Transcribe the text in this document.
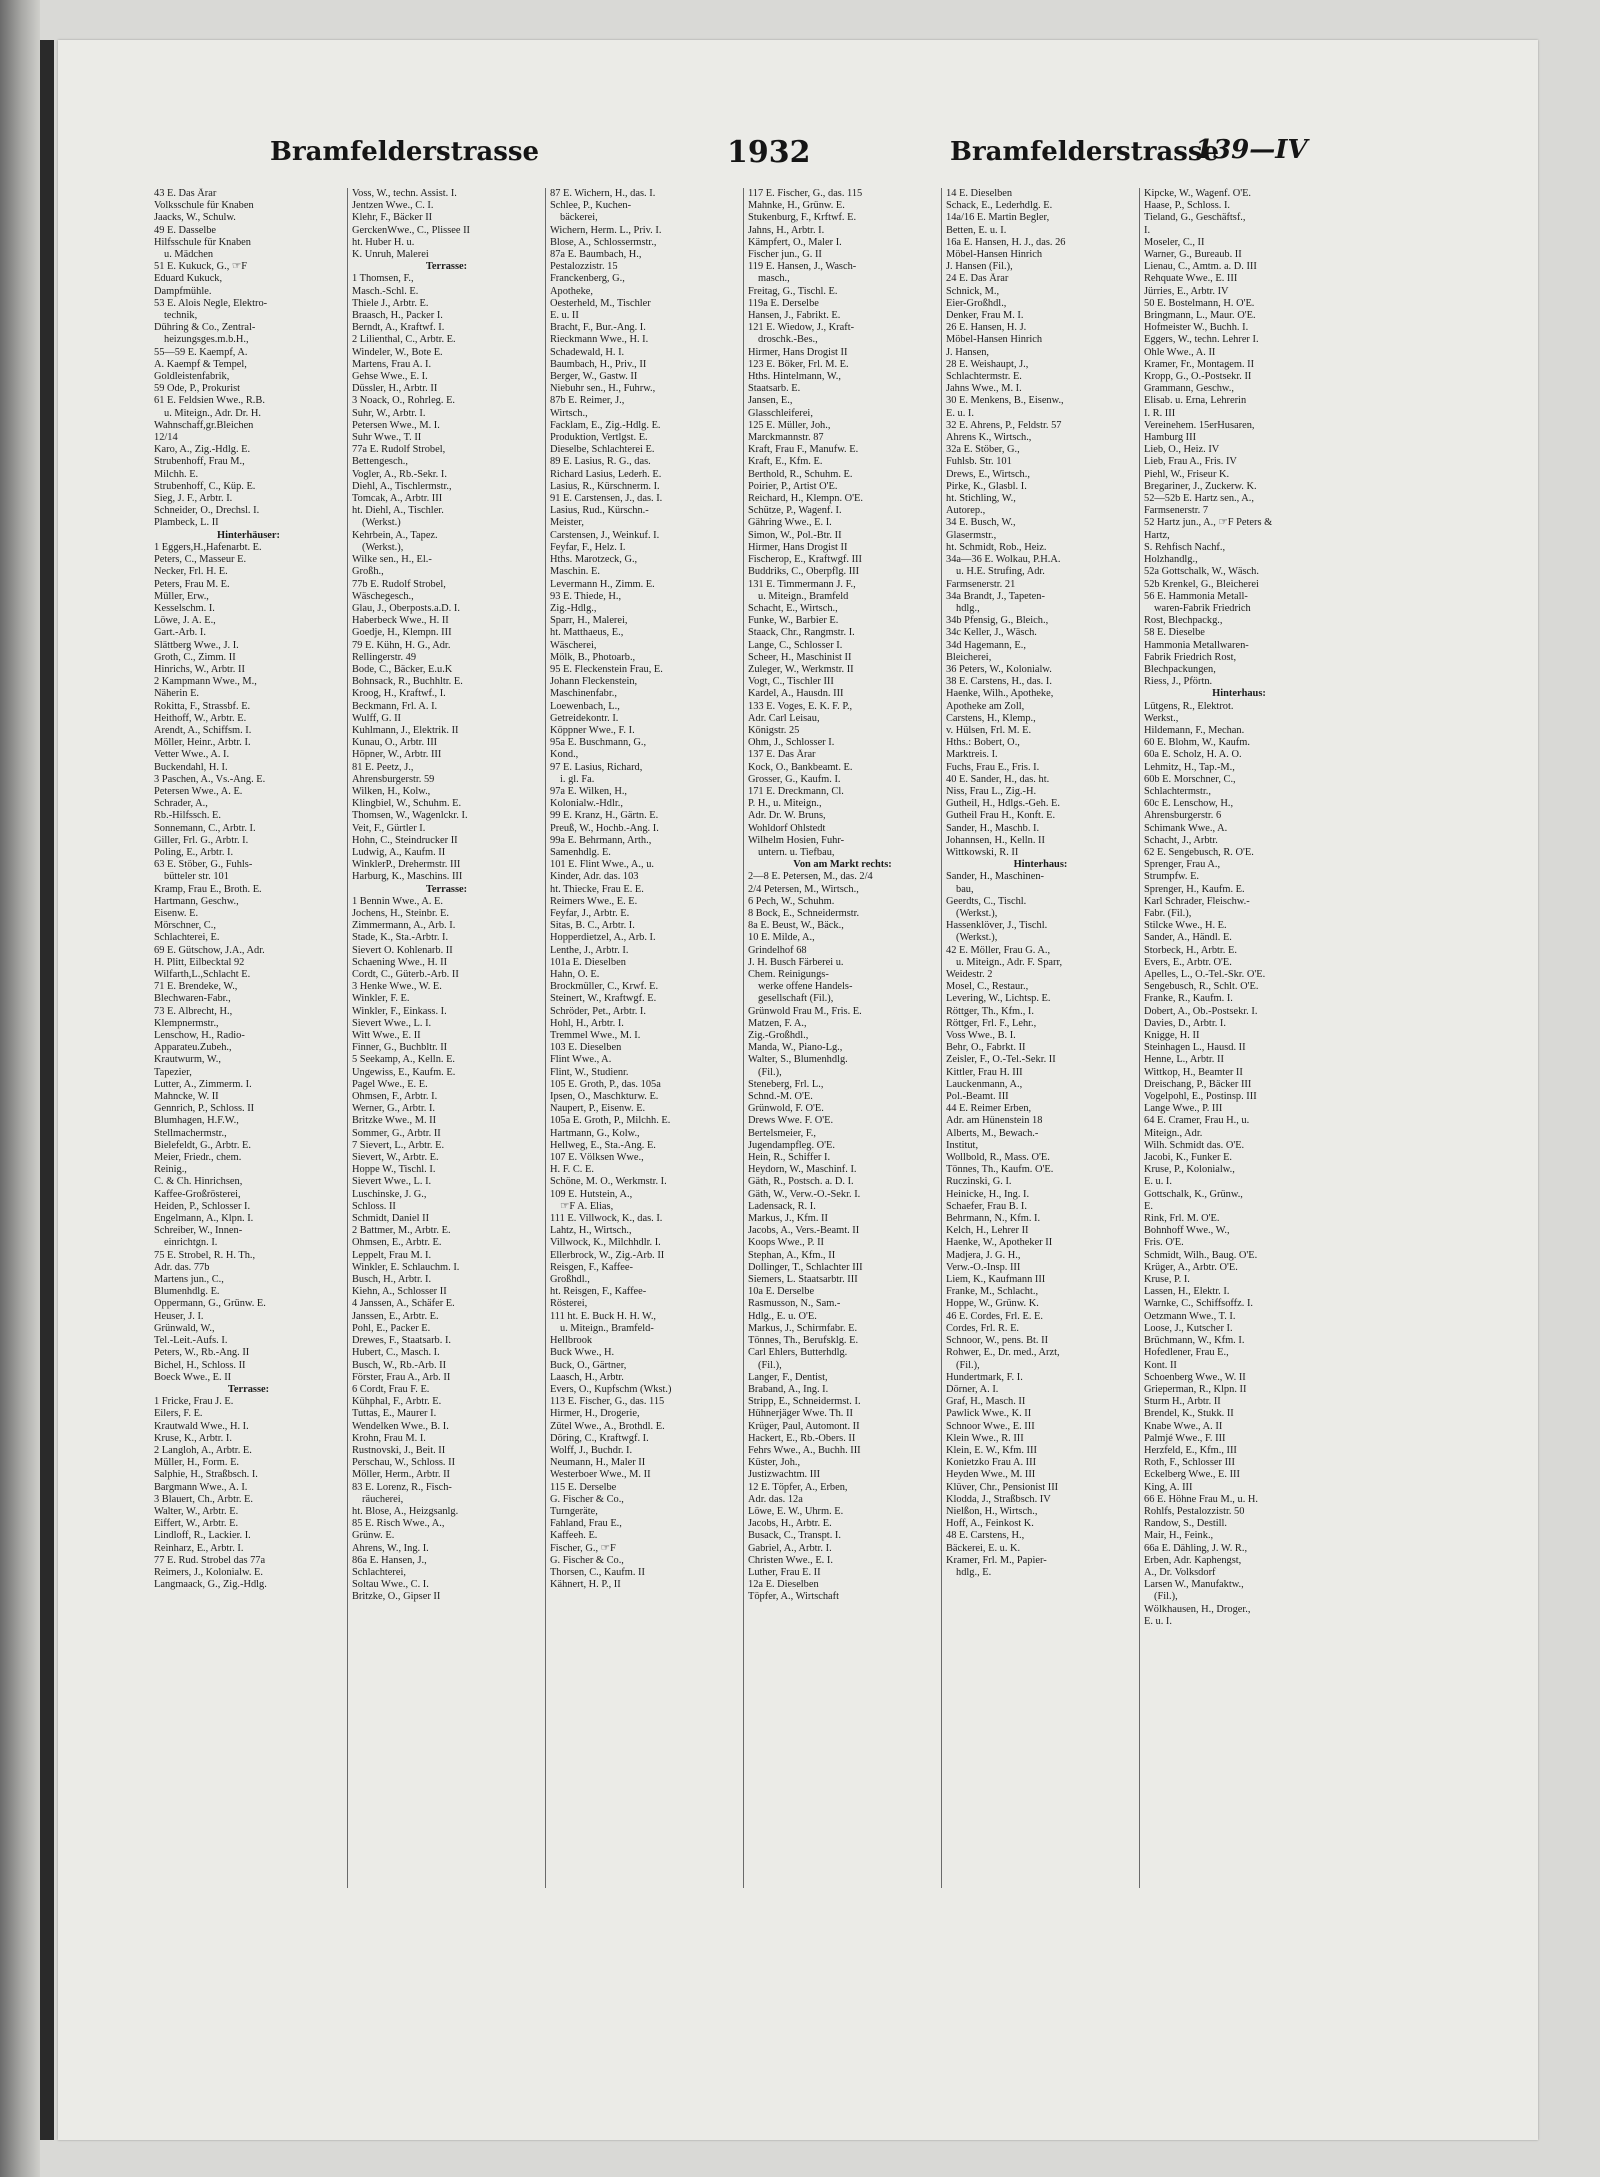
Bramfelderstrasse	1932	Bramfelderstrasse
139—IV
43 E. Das Ärar
Volksschule für Knaben
Jaacks, W., Schulw.
49 E. Dasselbe
Hilfsschule für Knaben
u. Mädchen
51 E. Kukuck, G., ☞F
Eduard Kukuck,
Dampfmühle.
53 E. Alois Negle, Elektro-
technik,
Dühring & Co., Zentral-
heizungsges.m.b.H.,
55—59 E. Kaempf, A.
A. Kaempf & Tempel,
Goldleistenfabrik,
59 Ode, P., Prokurist
61 E. Feldsien Wwe., R.B.
u. Miteign., Adr. Dr. H.
Wahnschaff,gr.Bleichen
12/14
Karo, A., Zig.-Hdlg. E.
Strubenhoff, Frau M.,
Milchh. E.
Strubenhoff, C., Küp. E.
Sieg, J. F., Arbtr. I.
Schneider, O., Drechsl. I.
Plambeck, L. II
Hinterhäuser:
1 Eggers,H.,Hafenarbt. E.
Peters, C., Masseur E.
Necker, Frl. H. E.
Peters, Frau M. E.
Müller, Erw.,
Kesselschm. I.
Löwe, J. A. E.,
Gart.-Arb. I.
Slättberg Wwe., J. I.
Groth, C., Zimm. II
Hinrichs, W., Arbtr. II
2 Kampmann Wwe., M.,
Näherin E.
Rokitta, F., Strassbf. E.
Heithoff, W., Arbtr. E.
Arendt, A., Schiffsm. I.
Möller, Heinr., Arbtr. I.
Vetter Wwe., A. I.
Buckendahl, H. I.
3 Paschen, A., Vs.-Ang. E.
Petersen Wwe., A. E.
Schrader, A.,
Rb.-Hilfssch. E.
Sonnemann, C., Arbtr. I.
Giller, Frl. G., Arbtr. I.
Poling, E., Arbtr. I.
63 E. Stöber, G., Fuhls-
bütteler str. 101
Kramp, Frau E., Broth. E.
Hartmann, Geschw.,
Eisenw. E.
Mörschner, C.,
Schlachterei, E.
69 E. Gütschow, J.A., Adr.
H. Plitt, Eilbecktal 92
Wilfarth,L.,Schlacht E.
71 E. Brendeke, W.,
Blechwaren-Fabr.,
73 E. Albrecht, H.,
Klempnermstr.,
Lenschow, H., Radio-
Apparateu.Zubeh.,
Krautwurm, W.,
Tapezier,
Lutter, A., Zimmerm. I.
Mahncke, W. II
Gennrich, P., Schloss. II
Blumhagen, H.F.W.,
Stellmachermstr.,
Bielefeldt, G., Arbtr. E.
Meier, Friedr., chem.
Reinig.,
C. & Ch. Hinrichsen,
Kaffee-Großrösterei,
Heiden, P., Schlosser I.
Engelmann, A., Klpn. I.
Schreiber, W., Innen-
einrichtgn. I.
75 E. Strobel, R. H. Th.,
Adr. das. 77b
Martens jun., C.,
Blumenhdlg. E.
Oppermann, G., Grünw. E.
Heuser, J. I.
Grünwald, W.,
Tel.-Leit.-Aufs. I.
Peters, W., Rb.-Ang. II
Bichel, H., Schloss. II
Boeck Wwe., E. II
Terrasse:
1 Fricke, Frau J. E.
Eilers, F. E.
Krautwald Wwe., H. I.
Kruse, K., Arbtr. I.
2 Langloh, A., Arbtr. E.
Müller, H., Form. E.
Salphie, H., Straßbsch. I.
Bargmann Wwe., A. I.
3 Blauert, Ch., Arbtr. E.
Walter, W., Arbtr. E.
Eiffert, W., Arbtr. E.
Lindloff, R., Lackier. I.
Reinharz, E., Arbtr. I.
77 E. Rud. Strobel das 77a
Reimers, J., Kolonialw. E.
Langmaack, G., Zig.-Hdlg.
Voss, W., techn. Assist. I.
Jentzen Wwe., C. I.
Klehr, F., Bäcker II
GerckenWwe., C., Plissee II
ht. Huber H. u.
K. Unruh, Malerei
Terrasse:
1 Thomsen, F.,
Masch.-Schl. E.
Thiele J., Arbtr. E.
Braasch, H., Packer I.
Berndt, A., Kraftwf. I.
2 Lilienthal, C., Arbtr. E.
Windeler, W., Bote E.
Martens, Frau A. I.
Gehse Wwe., E. I.
Düssler, H., Arbtr. II
3 Noack, O., Rohrleg. E.
Suhr, W., Arbtr. I.
Petersen Wwe., M. I.
Suhr Wwe., T. II
77a E. Rudolf Strobel,
Bettengesch.,
Vogler, A., Rb.-Sekr. I.
Diehl, A., Tischlermstr.,
Tomcak, A., Arbtr. III
ht. Diehl, A., Tischler.
(Werkst.)
Kehrbein, A., Tapez.
(Werkst.),
Wilke sen., H., El.-
Großh.,
77b E. Rudolf Strobel,
Wäschegesch.,
Glau, J., Oberposts.a.D. I.
Haberbeck Wwe., H. II
Goedje, H., Klempn. III
79 E. Kühn, H. G., Adr.
Rellingerstr. 49
Bode, C., Bäcker, E.u.K
Bohnsack, R., Buchhltr. E.
Kroog, H., Kraftwf., I.
Beckmann, Frl. A. I.
Wulff, G. II
Kuhlmann, J., Elektrik. II
Kunau, O., Arbtr. III
Höpner, W., Arbtr. III
81 E. Peetz, J.,
Ahrensburgerstr. 59
Wilken, H., Kolw.,
Klingbiel, W., Schuhm. E.
Thomsen, W., Wagenlckr. I.
Veit, F., Gürtler I.
Hohn, C., Steindrucker II
Ludwig, A., Kaufm. II
WinklerP., Drehermstr. III
Harburg, K., Maschins. III
Terrasse:
1 Bennin Wwe., A. E.
Jochens, H., Steinbr. E.
Zimmermann, A., Arb. I.
Stade, K., Sta.-Arbtr. I.
Sievert O. Kohlenarb. II
Schaening Wwe., H. II
Cordt, C., Güterb.-Arb. II
3 Henke Wwe., W. E.
Winkler, F. E.
Winkler, F., Einkass. I.
Sievert Wwe., L. I.
Witt Wwe., E. II
Finner, G., Buchbltr. II
5 Seekamp, A., Kelln. E.
Ungewiss, E., Kaufm. E.
Pagel Wwe., E. E.
Ohmsen, F., Arbtr. I.
Werner, G., Arbtr. I.
Britzke Wwe., M. II
Sommer, G., Arbtr. II
7 Sievert, L., Arbtr. E.
Sievert, W., Arbtr. E.
Hoppe W., Tischl. I.
Sievert Wwe., L. I.
Luschinske, J. G.,
Schloss. II
Schmidt, Daniel II
2 Battmer, M., Arbtr. E.
Ohmsen, E., Arbtr. E.
Leppelt, Frau M. I.
Winkler, E. Schlauchm. I.
Busch, H., Arbtr. I.
Kiehn, A., Schlosser II
4 Janssen, A., Schäfer E.
Janssen, E., Arbtr. E.
Pohl, E., Packer E.
Drewes, F., Staatsarb. I.
Hubert, C., Masch. I.
Busch, W., Rb.-Arb. II
Förster, Frau A., Arb. II
6 Cordt, Frau F. E.
Kühphal, F., Arbtr. E.
Tuttas, E., Maurer I.
Wendelken Wwe., B. I.
Krohn, Frau M. I.
Rustnovski, J., Beit. II
Perschau, W., Schloss. II
Möller, Herm., Arbtr. II
83 E. Lorenz, R., Fisch-
räucherei,
ht. Blose, A., Heizgsanlg.
85 E. Risch Wwe., A.,
Grünw. E.
Ahrens, W., Ing. I.
86a E. Hansen, J.,
Schlachterei,
Soltau Wwe., C. I.
Britzke, O., Gipser II
87 E. Wichern, H., das. I.
Schlee, P., Kuchen-
bäckerei,
Wichern, Herm. L., Priv. I.
Blose, A., Schlossermstr.,
87a E. Baumbach, H.,
Pestalozzistr. 15
Franckenberg, G.,
Apotheke,
Oesterheld, M., Tischler
E. u. II
Bracht, F., Bur.-Ang. I.
Rieckmann Wwe., H. I.
Schadewald, H. I.
Baumbach, H., Priv., II
Berger, W., Gastw. II
Niebuhr sen., H., Fuhrw.,
87b E. Reimer, J.,
Wirtsch.,
Facklam, E., Zig.-Hdlg. E.
Produktion, Vertlgst. E.
Dieselbe, Schlachterei E.
89 E. Lasius, R. G., das.
Richard Lasius, Lederh. E.
Lasius, R., Kürschnerm. I.
91 E. Carstensen, J., das. I.
Lasius, Rud., Kürschn.-
Meister,
Carstensen, J., Weinkuf. I.
Feyfar, F., Helz. I.
Hths. Marotzeck, G.,
Maschin. E.
Levermann H., Zimm. E.
93 E. Thiede, H.,
Zig.-Hdlg.,
Sparr, H., Malerei,
ht. Matthaeus, E.,
Wäscherei,
Mölk, B., Photoarb.,
95 E. Fleckenstein Frau, E.
Johann Fleckenstein,
Maschinenfabr.,
Loewenbach, L.,
Getreidekontr. I.
Köppner Wwe., F. I.
95a E. Buschmann, G.,
Kond.,
97 E. Lasius, Richard,
i. gl. Fa.
97a E. Wilken, H.,
Kolonialw.-Hdlr.,
99 E. Kranz, H., Gärtn. E.
Preuß, W., Hochb.-Ang. I.
99a E. Behrmann, Arth.,
Samenhdlg. E.
101 E. Flint Wwe., A., u.
Kinder, Adr. das. 103
ht. Thiecke, Frau E. E.
Reimers Wwe., E. E.
Feyfar, J., Arbtr. E.
Sitas, B. C., Arbtr. I.
Hopperdietzel, A., Arb. I.
Lenthe, J., Arbtr. I.
101a E. Dieselben
Hahn, O. E.
Brockmüller, C., Krwf. E.
Steinert, W., Kraftwgf. E.
Schröder, Pet., Arbtr. I.
Hohl, H., Arbtr. I.
Tremmel Wwe., M. I.
103 E. Dieselben
Flint Wwe., A.
Flint, W., Studienr.
105 E. Groth, P., das. 105a
Ipsen, O., Maschkturw. E.
Naupert, P., Eisenw. E.
105a E. Groth, P., Milchh. E.
Hartmann, G., Kolw.,
Hellweg, E., Sta.-Ang. E.
107 E. Völksen Wwe.,
H. F. C. E.
Schöne, M. O., Werkmstr. I.
109 E. Hutstein, A.,
☞F A. Elias,
111 E. Villwock, K., das. I.
Lahtz, H., Wirtsch.,
Villwock, K., Milchhdlr. I.
Ellerbrock, W., Zig.-Arb. II
Reisgen, F., Kaffee-
Großhdl.,
ht. Reisgen, F., Kaffee-
Rösterei,
111 ht. E. Buck H. H. W.,
u. Miteign., Bramfeld-
Hellbrook
Buck Wwe., H.
Buck, O., Gärtner,
Laasch, H., Arbtr.
Evers, O., Kupfschm (Wkst.)
113 E. Fischer, G., das. 115
Hirmer, H., Drogerie,
Zütel Wwe., A., Brothdl. E.
Döring, C., Kraftwgf. I.
Wolff, J., Buchdr. I.
Neumann, H., Maler II
Westerboer Wwe., M. II
115 E. Derselbe
G. Fischer & Co.,
Turngeräte,
Fahland, Frau E.,
Kaffeeh. E.
Fischer, G., ☞F
G. Fischer & Co.,
Thorsen, C., Kaufm. II
Kähnert, H. P., II
117 E. Fischer, G., das. 115
Mahnke, H., Grünw. E.
Stukenburg, F., Krftwf. E.
Jahns, H., Arbtr. I.
Kämpfert, O., Maler I.
Fischer jun., G. II
119 E. Hansen, J., Wasch-
masch.,
Freitag, G., Tischl. E.
119a E. Derselbe
Hansen, J., Fabrikt. E.
121 E. Wiedow, J., Kraft-
droschk.-Bes.,
Hirmer, Hans Drogist II
123 E. Böker, Frl. M. E.
Hths. Hintelmann, W.,
Staatsarb. E.
Jansen, E.,
Glasschleiferei,
125 E. Müller, Joh.,
Marckmannstr. 87
Kraft, Frau F., Manufw. E.
Kraft, E., Kfm. E.
Berthold, R., Schuhm. E.
Poirier, P., Artist O'E.
Reichard, H., Klempn. O'E.
Schütze, P., Wagenf. I.
Gähring Wwe., E. I.
Simon, W., Pol.-Btr. II
Hirmer, Hans Drogist II
Fischerop, E., Kraftwgf. III
Buddriks, C., Oberpflg. III
131 E. Timmermann J. F.,
u. Miteign., Bramfeld
Schacht, E., Wirtsch.,
Funke, W., Barbier E.
Staack, Chr., Rangmstr. I.
Lange, C., Schlosser I.
Scheer, H., Maschinist II
Zuleger, W., Werkmstr. II
Vogt, C., Tischler III
Kardel, A., Hausdn. III
133 E. Voges, E. K. F. P.,
Adr. Carl Leisau,
Königstr. 25
Ohm, J., Schlosser I.
137 E. Das Ärar
Kock, O., Bankbeamt. E.
Grosser, G., Kaufm. I.
171 E. Dreckmann, Cl.
P. H., u. Miteign.,
Adr. Dr. W. Bruns,
Wohldorf Ohlstedt
Wilhelm Hosien, Fuhr-
untern. u. Tiefbau,
Von am Markt rechts:
2—8 E. Petersen, M., das. 2/4
2/4 Petersen, M., Wirtsch.,
6 Pech, W., Schuhm.
8 Bock, E., Schneidermstr.
8a E. Beust, W., Bäck.,
10 E. Milde, A.,
Grindelhof 68
J. H. Busch Färberei u.
Chem. Reinigungs-
werke offene Handels-
gesellschaft (Fil.),
Grünwold Frau M., Fris. E.
Matzen, F. A.,
Zig.-Großhdl.,
Manda, W., Piano-Lg.,
Walter, S., Blumenhdlg.
(Fil.),
Steneberg, Frl. L.,
Schnd.-M. O'E.
Grünwold, F. O'E.
Drews Wwe. F. O'E.
Bertelsmeier, F.,
Jugendampfleg. O'E.
Hein, R., Schiffer I.
Heydorn, W., Maschinf. I.
Gäth, R., Postsch. a. D. I.
Gäth, W., Verw.-O.-Sekr. I.
Ladensack, R. I.
Markus, J., Kfm. II
Jacobs, A., Vers.-Beamt. II
Koops Wwe., P. II
Stephan, A., Kfm., II
Dollinger, T., Schlachter III
Siemers, L. Staatsarbtr. III
10a E. Derselbe
Rasmusson, N., Sam.-
Hdlg., E. u. O'E.
Markus, J., Schirmfabr. E.
Tönnes, Th., Berufsklg. E.
Carl Ehlers, Butterhdlg.
(Fil.),
Langer, F., Dentist,
Braband, A., Ing. I.
Stripp, E., Schneidermst. I.
Hühnerjäger Wwe. Th. II
Krüger, Paul, Automont. II
Hackert, E., Rb.-Obers. II
Fehrs Wwe., A., Buchh. III
Küster, Joh.,
Justizwachtm. III
12 E. Töpfer, A., Erben,
Adr. das. 12a
Löwe, E. W., Uhrm. E.
Jacobs, H., Arbtr. E.
Busack, C., Transpt. I.
Gabriel, A., Arbtr. I.
Christen Wwe., E. I.
Luther, Frau E. II
12a E. Dieselben
Töpfer, A., Wirtschaft
14 E. Dieselben
Schack, E., Lederhdlg. E.
14a/16 E. Martin Begler,
Betten, E. u. I.
16a E. Hansen, H. J., das. 26
Möbel-Hansen Hinrich
J. Hansen (Fil.),
24 E. Das Ärar
Schnick, M.,
Eier-Großhdl.,
Denker, Frau M. I.
26 E. Hansen, H. J.
Möbel-Hansen Hinrich
J. Hansen,
28 E. Weishaupt, J.,
Schlachtermstr. E.
Jahns Wwe., M. I.
30 E. Menkens, B., Eisenw.,
E. u. I.
32 E. Ahrens, P., Feldstr. 57
Ahrens K., Wirtsch.,
32a E. Stöber, G.,
Fuhlsb. Str. 101
Drews, E., Wirtsch.,
Pirke, K., Glasbl. I.
ht. Stichling, W.,
Autorep.,
34 E. Busch, W.,
Glasermstr.,
ht. Schmidt, Rob., Heiz.
34a—36 E. Wolkau, P.H.A.
u. H.E. Strufing, Adr.
Farmsenerstr. 21
34a Brandt, J., Tapeten-
hdlg.,
34b Pfensig, G., Bleich.,
34c Keller, J., Wäsch.
34d Hagemann, E.,
Bleicherei,
36 Peters, W., Kolonialw.
38 E. Carstens, H., das. I.
Haenke, Wilh., Apotheke,
Apotheke am Zoll,
Carstens, H., Klemp.,
v. Hülsen, Frl. M. E.
Hths.: Bobert, O.,
Marktreis. I.
Fuchs, Frau E., Fris. I.
40 E. Sander, H., das. ht.
Niss, Frau L., Zig.-H.
Gutheil, H., Hdlgs.-Geh. E.
Gutheil Frau H., Konft. E.
Sander, H., Maschb. I.
Johannsen, H., Kelln. II
Wittkowski, R. II
Hinterhaus:
Sander, H., Maschinen-
bau,
Geerdts, C., Tischl.
(Werkst.),
Hassenklöver, J., Tischl.
(Werkst.),
42 E. Möller, Frau G. A.,
u. Miteign., Adr. F. Sparr,
Weidestr. 2
Mosel, C., Restaur.,
Levering, W., Lichtsp. E.
Röttger, Th., Kfm., I.
Röttger, Frl. F., Lehr.,
Voss Wwe., B. I.
Behr, O., Fabrkt. II
Zeisler, F., O.-Tel.-Sekr. II
Kittler, Frau H. III
Lauckenmann, A.,
Pol.-Beamt. III
44 E. Reimer Erben,
Adr. am Hünenstein 18
Alberts, M., Bewach.-
Institut,
Wollbold, R., Mass. O'E.
Tönnes, Th., Kaufm. O'E.
Ruczinski, G. I.
Heinicke, H., Ing. I.
Schaefer, Frau B. I.
Behrmann, N., Kfm. I.
Kelch, H., Lehrer II
Haenke, W., Apotheker II
Madjera, J. G. H.,
Verw.-O.-Insp. III
Liem, K., Kaufmann III
Franke, M., Schlacht.,
Hoppe, W., Grünw. K.
46 E. Cordes, Frl. E. E.
Cordes, Frl. R. E.
Schnoor, W., pens. Bt. II
Rohwer, E., Dr. med., Arzt,
(Fil.),
Hundertmark, F. I.
Dörner, A. I.
Graf, H., Masch. II
Pawlick Wwe., K. II
Schnoor Wwe., E. III
Klein Wwe., R. III
Klein, E. W., Kfm. III
Konietzko Frau A. III
Heyden Wwe., M. III
Klüver, Chr., Pensionist III
Klodda, J., Straßbsch. IV
Nielßon, H., Wirtsch.,
Hoff, A., Feinkost K.
48 E. Carstens, H.,
Bäckerei, E. u. K.
Kramer, Frl. M., Papier-
hdlg., E.
Kipcke, W., Wagenf. O'E.
Haase, P., Schloss. I.
Tieland, G., Geschäftsf.,
I.
Moseler, C., II
Warner, G., Bureaub. II
Lienau, C., Amtm. a. D. III
Rehquate Wwe., E. III
Jürries, E., Arbtr. IV
50 E. Bostelmann, H. O'E.
Bringmann, L., Maur. O'E.
Hofmeister W., Buchh. I.
Eggers, W., techn. Lehrer I.
Ohle Wwe., A. II
Kramer, Fr., Montagem. II
Kropp, G., O.-Postsekr. II
Grammann, Geschw.,
Elisab. u. Erna, Lehrerin
I. R. III
Vereinehem. 15erHusaren,
Hamburg III
Lieb, O., Heiz. IV
Lieb, Frau A., Fris. IV
Piehl, W., Friseur K.
Bregariner, J., Zuckerw. K.
52—52b E. Hartz sen., A.,
Farmsenerstr. 7
52 Hartz jun., A., ☞F Peters &
Hartz,
S. Rehfisch Nachf.,
Holzhandlg.,
52a Gottschalk, W., Wäsch.
52b Krenkel, G., Bleicherei
56 E. Hammonia Metall-
waren-Fabrik Friedrich
Rost, Blechpackg.,
58 E. Dieselbe
Hammonia Metallwaren-
Fabrik Friedrich Rost,
Blechpackungen,
Riess, J., Pförtn.
Hinterhaus:
Lütgens, R., Elektrot.
Werkst.,
Hildemann, F., Mechan.
60 E. Blohm, W., Kaufm.
60a E. Scholz, H. A. O.
Lehmitz, H., Tap.-M.,
60b E. Morschner, C.,
Schlachtermstr.,
60c E. Lenschow, H.,
Ahrensburgerstr. 6
Schimank Wwe., A.
Schacht, J., Arbtr.
62 E. Sengebusch, R. O'E.
Sprenger, Frau A.,
Strumpfw. E.
Sprenger, H., Kaufm. E.
Karl Schrader, Fleischw.-
Fabr. (Fil.),
Stilcke Wwe., H. E.
Sander, A., Händl. E.
Storbeck, H., Arbtr. E.
Evers, E., Arbtr. O'E.
Apelles, L., O.-Tel.-Skr. O'E.
Sengebusch, R., Schlt. O'E.
Franke, R., Kaufm. I.
Dobert, A., Ob.-Postsekr. I.
Davies, D., Arbtr. I.
Knigge, H. II
Steinhagen L., Hausd. II
Henne, L., Arbtr. II
Wittkop, H., Beamter II
Dreischang, P., Bäcker III
Vogelpohl, E., Postinsp. III
Lange Wwe., P. III
64 E. Cramer, Frau H., u.
Miteign., Adr.
Wilh. Schmidt das. O'E.
Jacobi, K., Funker E.
Kruse, P., Kolonialw.,
E. u. I.
Gottschalk, K., Grünw.,
E.
Rink, Frl. M. O'E.
Bohnhoff Wwe., W.,
Fris. O'E.
Schmidt, Wilh., Baug. O'E.
Krüger, A., Arbtr. O'E.
Kruse, P. I.
Lassen, H., Elektr. I.
Warnke, C., Schiffsoffz. I.
Oetzmann Wwe., T. I.
Loose, J., Kutscher I.
Brüchmann, W., Kfm. I.
Hofedlener, Frau E.,
Kont. II
Schoenberg Wwe., W. II
Grieperman, R., Klpn. II
Sturm H., Arbtr. II
Brendel, K., Stukk. II
Knabe Wwe., A. II
Palmjé Wwe., F. III
Herzfeld, E., Kfm., III
Roth, F., Schlosser III
Eckelberg Wwe., E. III
King, A. III
66 E. Höhne Frau M., u. H.
Rohlfs, Pestalozzistr. 50
Randow, S., Destill.
Mair, H., Feink.,
66a E. Dähling, J. W. R.,
Erben, Adr. Kaphengst,
A., Dr. Volksdorf
Larsen W., Manufaktw.,
(Fil.),
Wölkhausen, H., Droger.,
E. u. I.
